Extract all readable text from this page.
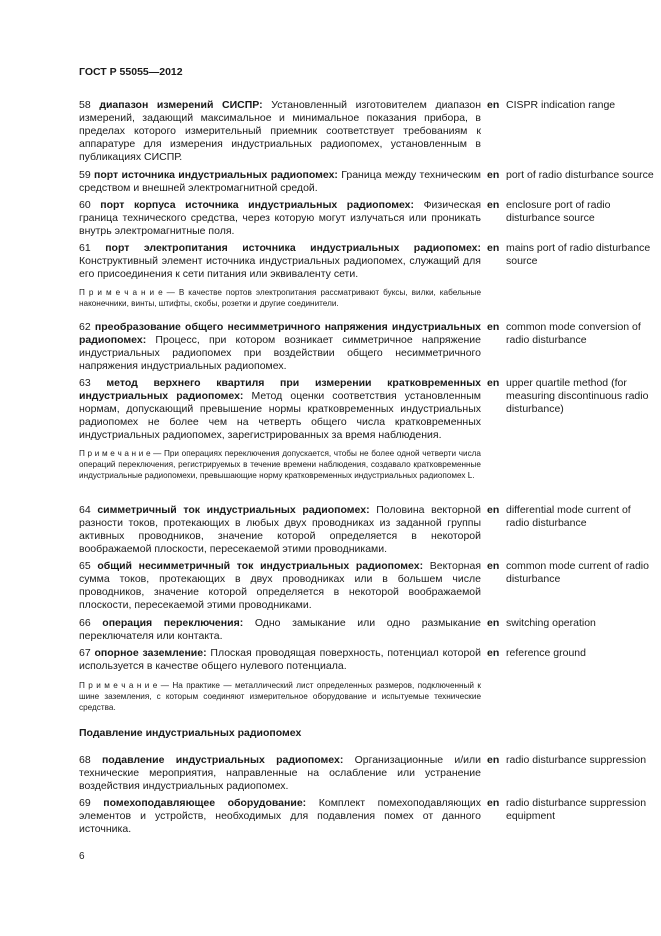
ГОСТ Р 55055—2012

58 диапазон измерений СИСПР: Установленный изготовителем диапазон измерений, задающий максимальное и минимальное показания прибора, в пределах которого измерительный приемник соответствует требованиям к аппаратуре для измерения индустриальных радиопомех, установленным в публикациях СИСПР.

en CISPR indication range

59 порт источника индустриальных радиопомех: Граница между техническим средством и внешней электромагнитной средой.

en port of radio disturbance source

60 порт корпуса источника индустриальных радиопомех: Физическая граница технического средства, через которую могут излучаться или проникать внутрь электромагнитные поля.

en enclosure port of radio disturbance source

61 порт электропитания источника индустриальных радиопомех: Конструктивный элемент источника индустриальных радиопомех, служащий для его присоединения к сети питания или эквиваленту сети.

en mains port of radio disturbance source

П р и м е ч а н и е — В качестве портов электропитания рассматривают буксы, вилки, кабельные наконечники, винты, штифты, скобы, розетки и другие соединители.

62 преобразование общего несимметричного напряжения индустриальных радиопомех: Процесс, при котором возникает симметричное напряжение индустриальных радиопомех при воздействии общего несимметричного напряжения индустриальных радиопомех.

en common mode conversion of radio disturbance

63 метод верхнего квартиля при измерении кратковременных индустриальных радиопомех: Метод оценки соответствия установленным нормам, допускающий превышение нормы кратковременных индустриальных радиопомех не более чем на четверть общего числа кратковременных индустриальных радиопомех, зарегистрированных за время наблюдения.

en upper quartile method (for measuring discontinuous radio disturbance)

П р и м е ч а н и е — При операциях переключения допускается, чтобы не более одной четверти числа операций переключения, регистрируемых в течение времени наблюдения, создавало кратковременные индустриальные радиопомехи, превышающие норму кратковременных индустриальных радиопомех L.

64 симметричный ток индустриальных радиопомех: Половина векторной разности токов, протекающих в любых двух проводниках из заданной группы активных проводников, значение которой определяется в некоторой воображаемой плоскости, пересекаемой этими проводниками.

en differential mode current of radio disturbance

65 общий несимметричный ток индустриальных радиопомех: Векторная сумма токов, протекающих в двух проводниках или в большем числе проводников, значение которой определяется в некоторой воображаемой плоскости, пересекаемой этими проводниками.

en common mode current of radio disturbance

66 операция переключения: Одно замыкание или одно размыкание переключателя или контакта.

en switching operation

67 опорное заземление: Плоская проводящая поверхность, потенциал которой используется в качестве общего нулевого потенциала.

en reference ground

П р и м е ч а н и е — На практике — металлический лист определенных размеров, подключенный к шине заземления, с которым соединяют измерительное оборудование и испытуемые технические средства.

Подавление индустриальных радиопомех

68 подавление индустриальных радиопомех: Организационные и/или технические мероприятия, направленные на ослабление или устранение воздействия индустриальных радиопомех.

en radio disturbance suppression

69 помехоподавляющее оборудование: Комплект помехоподавляющих элементов и устройств, необходимых для подавления помех от данного источника.

en radio disturbance suppression equipment
6
